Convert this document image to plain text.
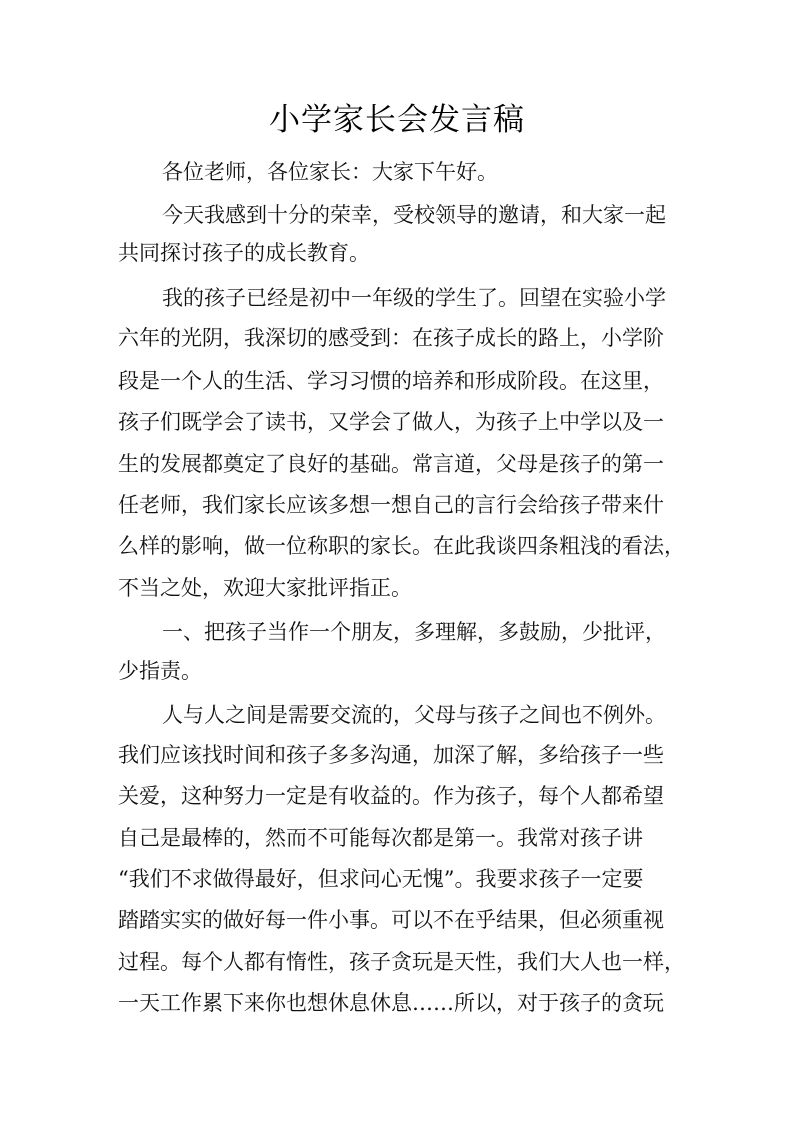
小学家长会发言稿
各位老师，各位家长：大家下午好。
今天我感到十分的荣幸，受校领导的邀请，和大家一起
共同探讨孩子的成长教育。
我的孩子已经是初中一年级的学生了。回望在实验小学
六年的光阴，我深切的感受到：在孩子成长的路上，小学阶
段是一个人的生活、学习习惯的培养和形成阶段。在这里，
孩子们既学会了读书，又学会了做人，为孩子上中学以及一
生的发展都奠定了良好的基础。常言道，父母是孩子的第一
任老师，我们家长应该多想一想自己的言行会给孩子带来什
么样的影响，做一位称职的家长。在此我谈四条粗浅的看法，
不当之处，欢迎大家批评指正。
一、把孩子当作一个朋友，多理解，多鼓励，少批评，
少指责。
人与人之间是需要交流的，父母与孩子之间也不例外。
我们应该找时间和孩子多多沟通，加深了解，多给孩子一些
关爱，这种努力一定是有收益的。作为孩子，每个人都希望
自己是最棒的，然而不可能每次都是第一。我常对孩子讲
“我们不求做得最好，但求问心无愧”。我要求孩子一定要
踏踏实实的做好每一件小事。可以不在乎结果，但必须重视
过程。每个人都有惰性，孩子贪玩是天性，我们大人也一样，
一天工作累下来你也想休息休息……所以，对于孩子的贪玩
